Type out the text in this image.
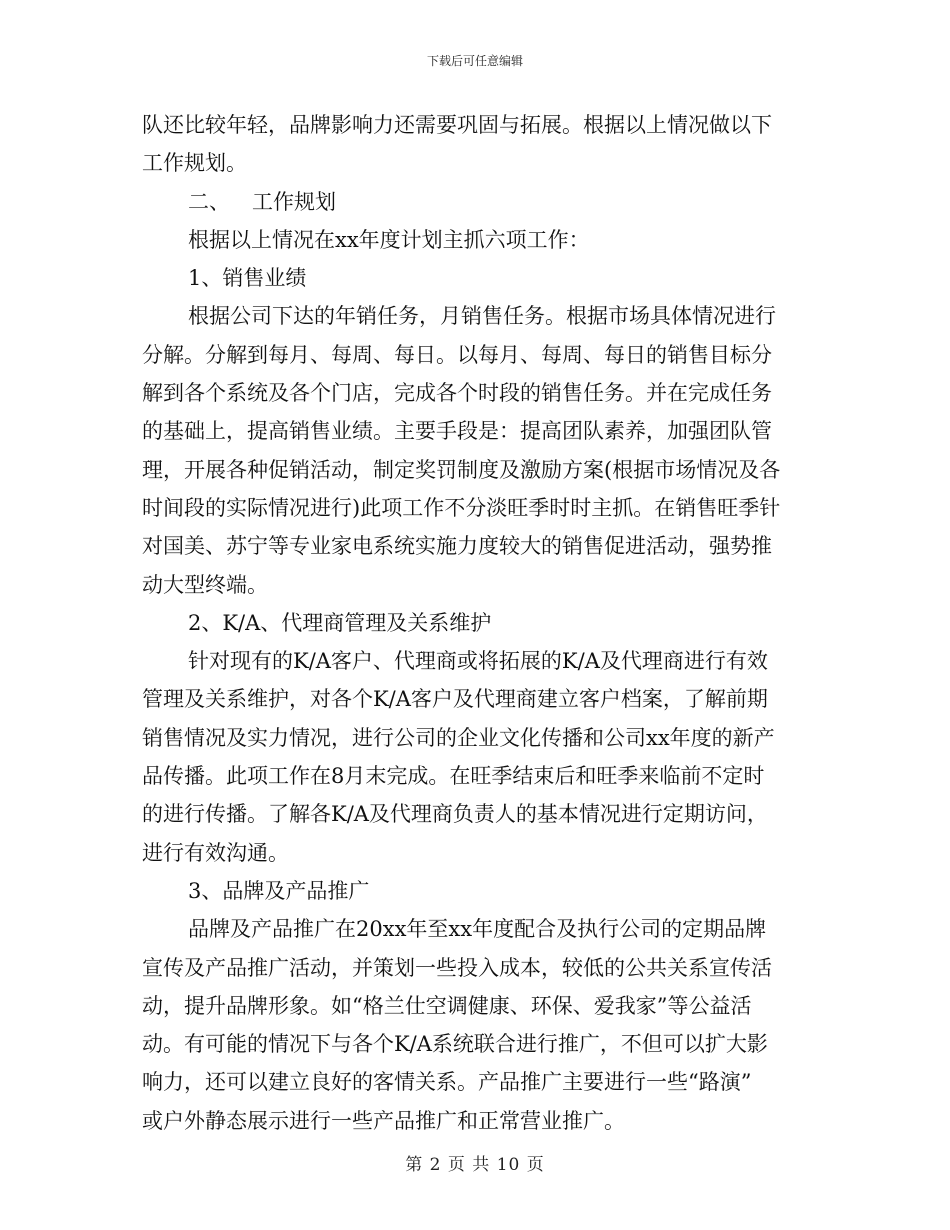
下载后可任意编辑
队还比较年轻，品牌影响力还需要巩固与拓展。根据以上情况做以下
工作规划。
二、 工作规划
根据以上情况在xx年度计划主抓六项工作：
1、销售业绩
根据公司下达的年销任务，月销售任务。根据市场具体情况进行
分解。分解到每月、每周、每日。以每月、每周、每日的销售目标分
解到各个系统及各个门店，完成各个时段的销售任务。并在完成任务
的基础上，提高销售业绩。主要手段是：提高团队素养，加强团队管
理，开展各种促销活动，制定奖罚制度及激励方案(根据市场情况及各
时间段的实际情况进行)此项工作不分淡旺季时时主抓。在销售旺季针
对国美、苏宁等专业家电系统实施力度较大的销售促进活动，强势推
动大型终端。
2、K/A、代理商管理及关系维护
针对现有的K/A客户、代理商或将拓展的K/A及代理商进行有效
管理及关系维护，对各个K/A客户及代理商建立客户档案，了解前期
销售情况及实力情况，进行公司的企业文化传播和公司xx年度的新产
品传播。此项工作在8月末完成。在旺季结束后和旺季来临前不定时
的进行传播。了解各K/A及代理商负责人的基本情况进行定期访问，
进行有效沟通。
3、品牌及产品推广
品牌及产品推广在20xx年至xx年度配合及执行公司的定期品牌
宣传及产品推广活动，并策划一些投入成本，较低的公共关系宣传活
动，提升品牌形象。如“格兰仕空调健康、环保、爱我家”等公益活
动。有可能的情况下与各个K/A系统联合进行推广，不但可以扩大影
响力，还可以建立良好的客情关系。产品推广主要进行一些“路演”
或户外静态展示进行一些产品推广和正常营业推广。
第 2 页 共 10 页
